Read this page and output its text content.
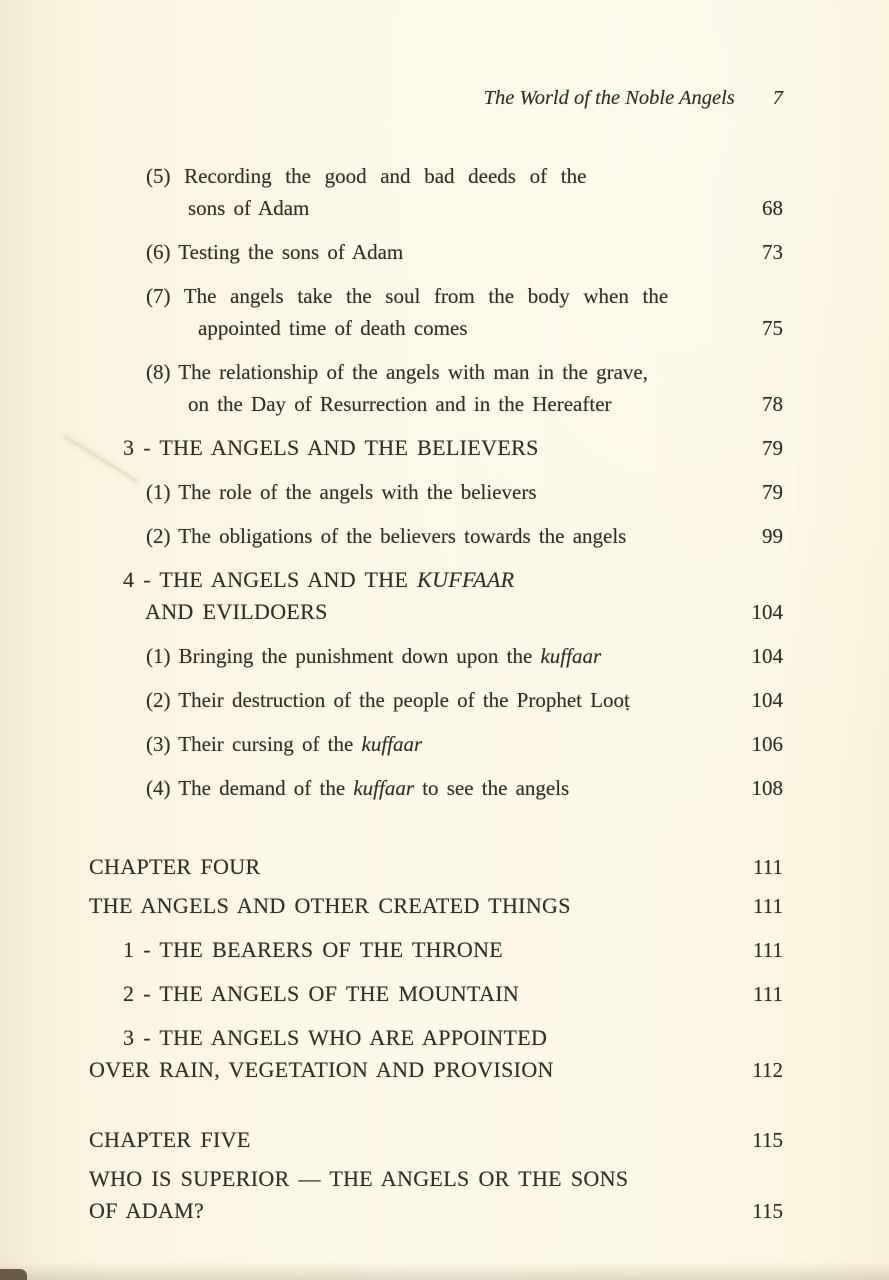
The World of the Noble Angels 7
(5) Recording the good and bad deeds of the
sons of Adam	68
(6) Testing the sons of Adam	73
(7) The angels take the soul from the body when the
appointed time of death comes	75
(8) The relationship of the angels with man in the grave,
on the Day of Resurrection and in the Hereafter	78
3 - THE ANGELS AND THE BELIEVERS	79
(1) The role of the angels with the believers	79
(2) The obligations of the believers towards the angels	99
4 - THE ANGELS AND THE KUFFAAR
AND EVILDOERS	104
(1) Bringing the punishment down upon the kuffaar	104
(2) Their destruction of the people of the Prophet Looṭ	104
(3) Their cursing of the kuffaar	106
(4) The demand of the kuffaar to see the angels	108
CHAPTER FOUR	111
THE ANGELS AND OTHER CREATED THINGS	111
1 - THE BEARERS OF THE THRONE	111
2 - THE ANGELS OF THE MOUNTAIN	111
3 - THE ANGELS WHO ARE APPOINTED
OVER RAIN, VEGETATION AND PROVISION	112
CHAPTER FIVE	115
WHO IS SUPERIOR — THE ANGELS OR THE SONS
OF ADAM?	115
